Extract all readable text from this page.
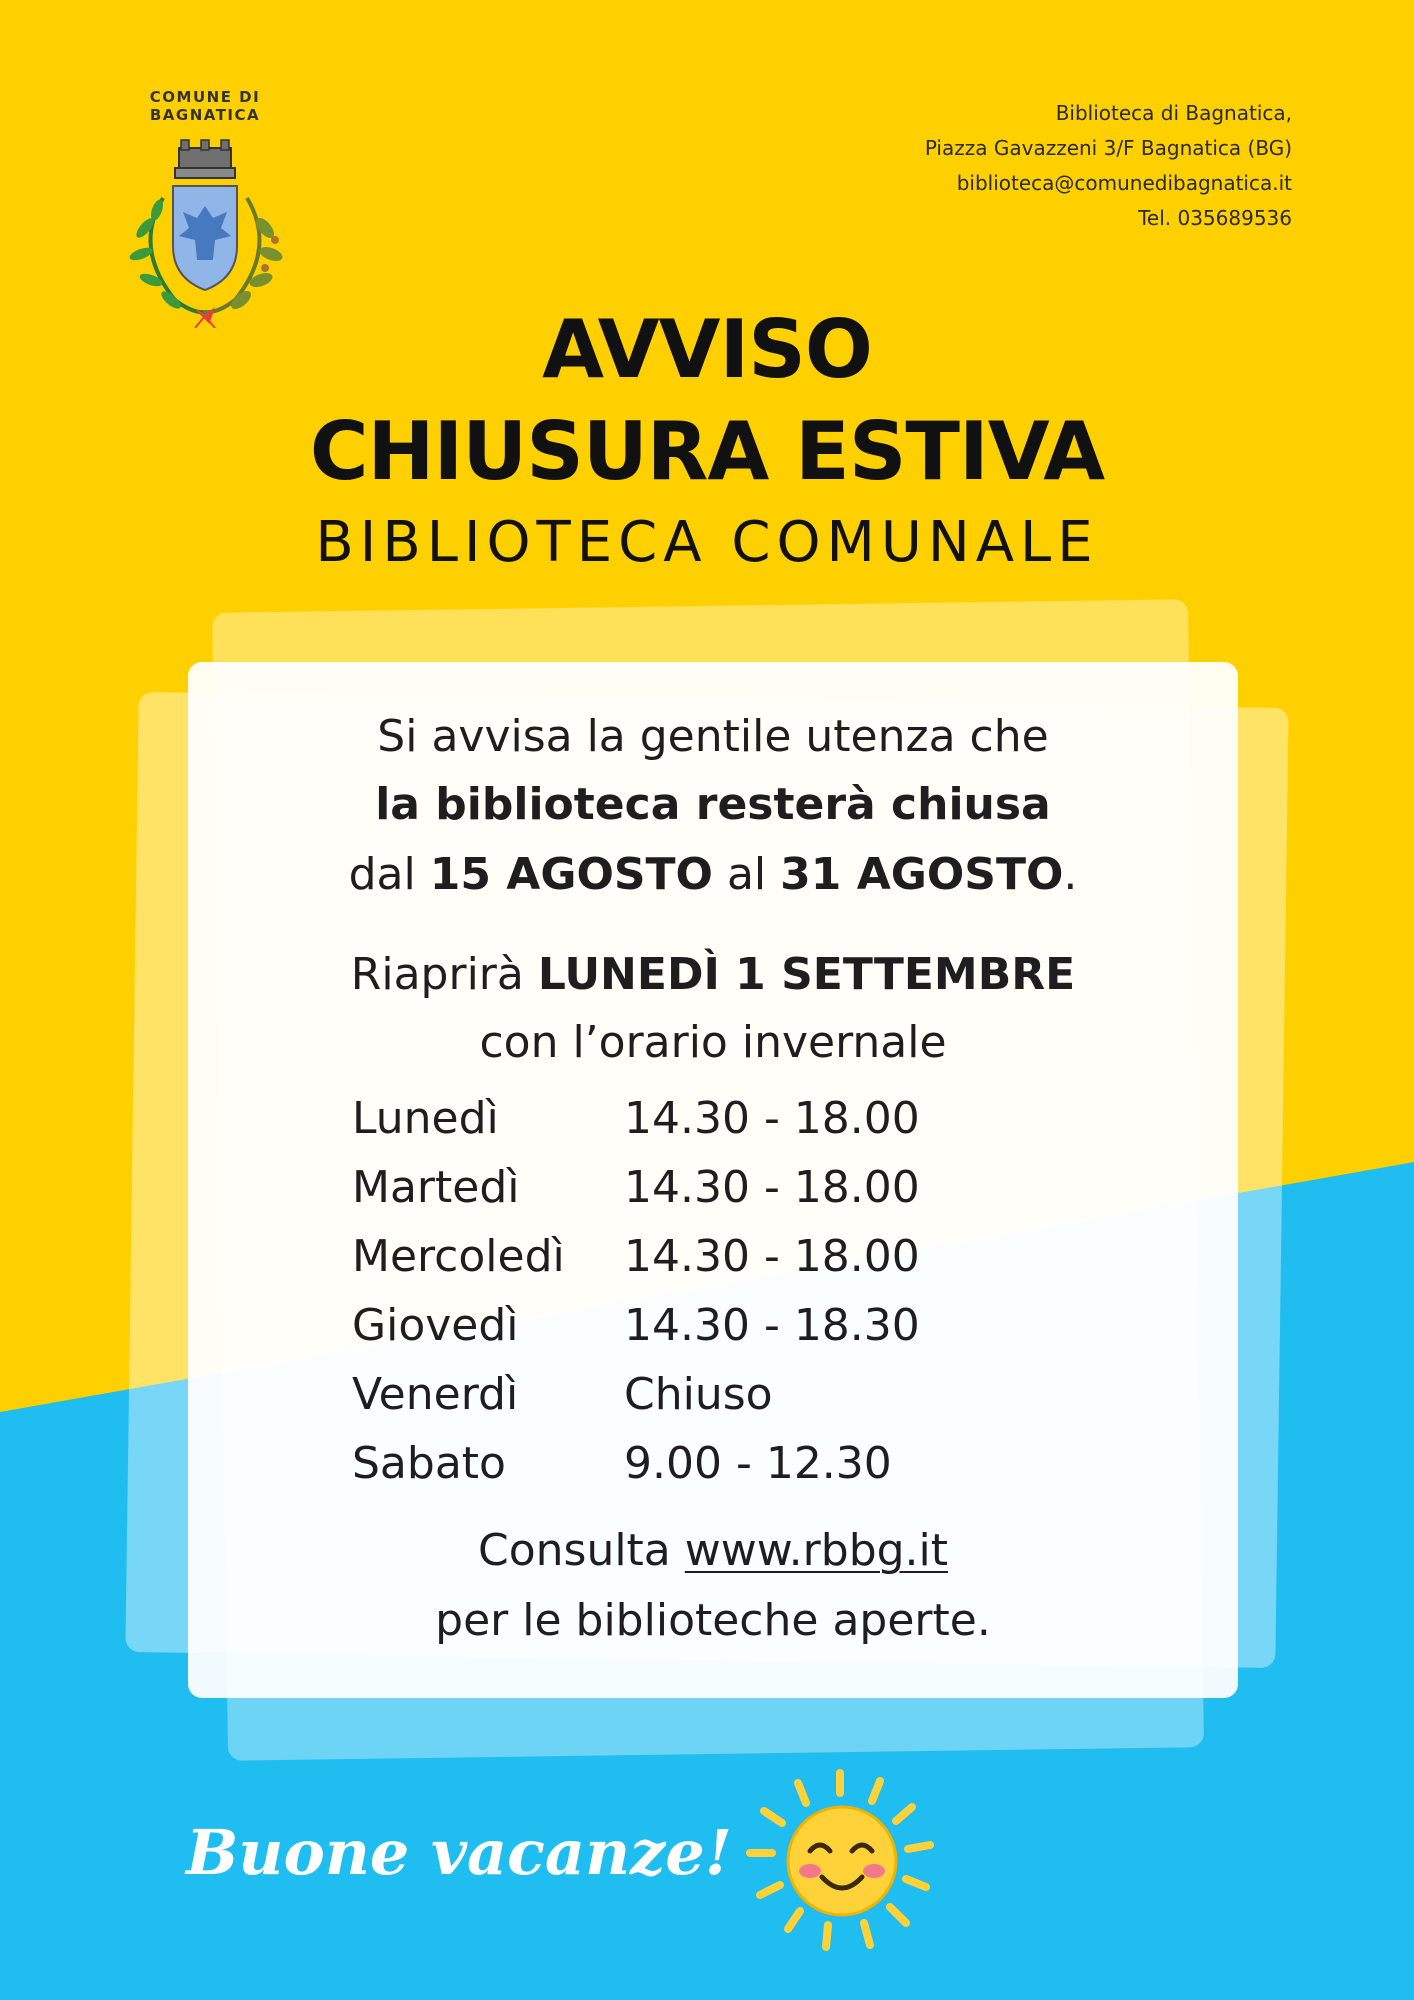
COMUNE DI BAGNATICA	Biblioteca di Bagnatica,
Piazza Gavazzeni 3/F Bagnatica (BG)
biblioteca@comunedibagnatica.it
Tel. 035689536
AVVISO
CHIUSURA ESTIVA
BIBLIOTECA COMUNALE
Si avvisa la gentile utenza che
la biblioteca resterà chiusa
dal 15 AGOSTO al 31 AGOSTO.
Riaprirà LUNEDÌ 1 SETTEMBRE
con l’orario invernale
Lunedì	14.30 - 18.00
Martedì 14.30 - 18.00
Mercoledì 14.30 - 18.00
Giovedì 14.30 - 18.30
Venerdì Chiuso
Sabato	9.00 - 12.30
Consulta www.rbbg.it
per le biblioteche aperte.
Buone vacanze!
